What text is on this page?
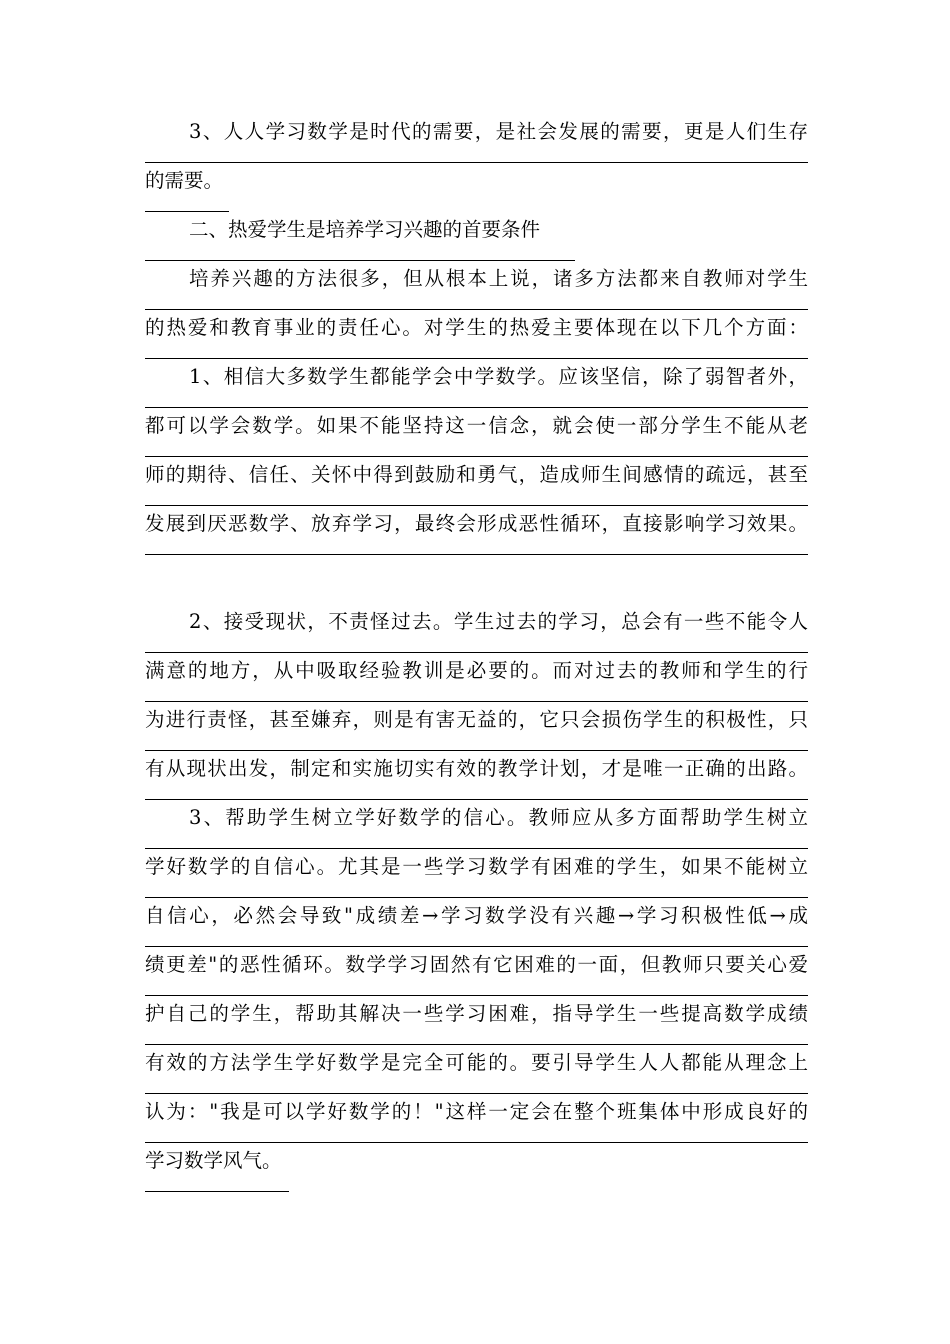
3、人人学习数学是时代的需要，是社会发展的需要，更是人们生存
的需要。
二、热爱学生是培养学习兴趣的首要条件
培养兴趣的方法很多，但从根本上说，诸多方法都来自教师对学生
的热爱和教育事业的责任心。对学生的热爱主要体现在以下几个方面：
1、相信大多数学生都能学会中学数学。应该坚信，除了弱智者外，
都可以学会数学。如果不能坚持这一信念，就会使一部分学生不能从老
师的期待、信任、关怀中得到鼓励和勇气，造成师生间感情的疏远，甚至
发展到厌恶数学、放弃学习，最终会形成恶性循环，直接影响学习效果。
2、接受现状，不责怪过去。学生过去的学习，总会有一些不能令人
满意的地方，从中吸取经验教训是必要的。而对过去的教师和学生的行
为进行责怪，甚至嫌弃，则是有害无益的，它只会损伤学生的积极性，只
有从现状出发，制定和实施切实有效的教学计划，才是唯一正确的出路。
3、帮助学生树立学好数学的信心。教师应从多方面帮助学生树立
学好数学的自信心。尤其是一些学习数学有困难的学生，如果不能树立
自信心，必然会导致"成绩差→学习数学没有兴趣→学习积极性低→成
绩更差"的恶性循环。数学学习固然有它困难的一面，但教师只要关心爱
护自己的学生，帮助其解决一些学习困难，指导学生一些提高数学成绩
有效的方法学生学好数学是完全可能的。要引导学生人人都能从理念上
认为："我是可以学好数学的！"这样一定会在整个班集体中形成良好的
学习数学风气。
